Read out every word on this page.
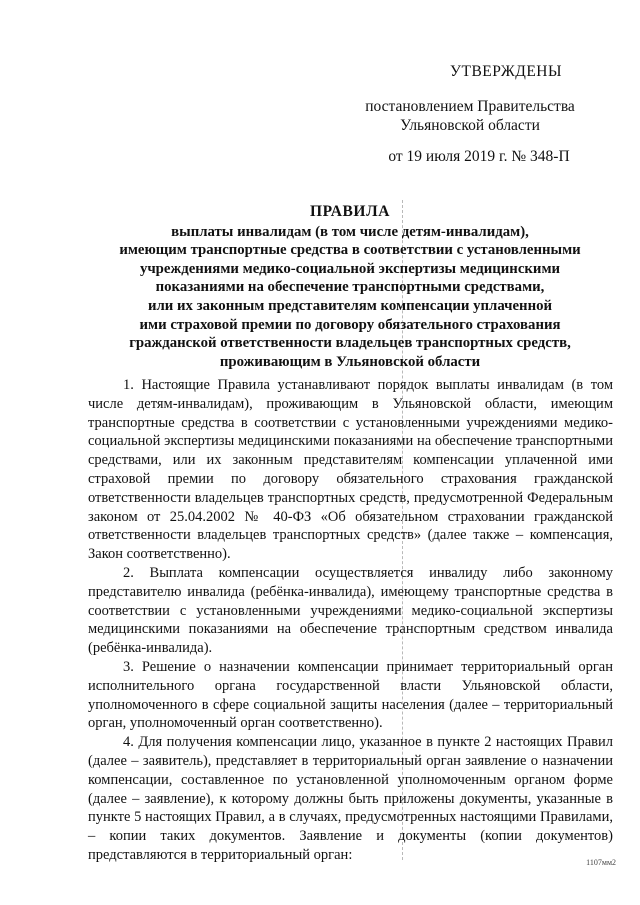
УТВЕРЖДЕНЫ
постановлением Правительства
Ульяновской области
от 19 июля 2019 г. № 348-П
ПРАВИЛА
выплаты инвалидам (в том числе детям-инвалидам),
имеющим транспортные средства в соответствии с установленными
учреждениями медико-социальной экспертизы медицинскими
показаниями на обеспечение транспортными средствами,
или их законным представителям компенсации уплаченной
ими страховой премии по договору обязательного страхования
гражданской ответственности владельцев транспортных средств,
проживающим в Ульяновской области

1. Настоящие Правила устанавливают порядок выплаты инвалидам (в том числе детям-инвалидам), проживающим в Ульяновской области, имеющим транспортные средства в соответствии с установленными учреждениями медико-социальной экспертизы медицинскими показаниями на обеспечение транспортными средствами, или их законным представителям компенсации уплаченной ими страховой премии по договору обязательного страхования гражданской ответственности владельцев транспортных средств, предусмотренной Федеральным законом от 25.04.2002 № 40-ФЗ «Об обязательном страховании гражданской ответственности владельцев транспортных средств» (далее также – компенсация, Закон соответственно).

2. Выплата компенсации осуществляется инвалиду либо законному представителю инвалида (ребёнка-инвалида), имеющему транспортные средства в соответствии с установленными учреждениями медико-социальной экспертизы медицинскими показаниями на обеспечение транспортным средством инвалида (ребёнка-инвалида).

3. Решение о назначении компенсации принимает территориальный орган исполнительного органа государственной власти Ульяновской области, уполномоченного в сфере социальной защиты населения (далее – территориальный орган, уполномоченный орган соответственно).

4. Для получения компенсации лицо, указанное в пункте 2 настоящих Правил (далее – заявитель), представляет в территориальный орган заявление о назначении компенсации, составленное по установленной уполномоченным органом форме (далее – заявление), к которому должны быть приложены документы, указанные в пункте 5 настоящих Правил, а в случаях, предусмотренных настоящими Правилами, – копии таких документов. Заявление и документы (копии документов) представляются в территориальный орган:	1107мм2
